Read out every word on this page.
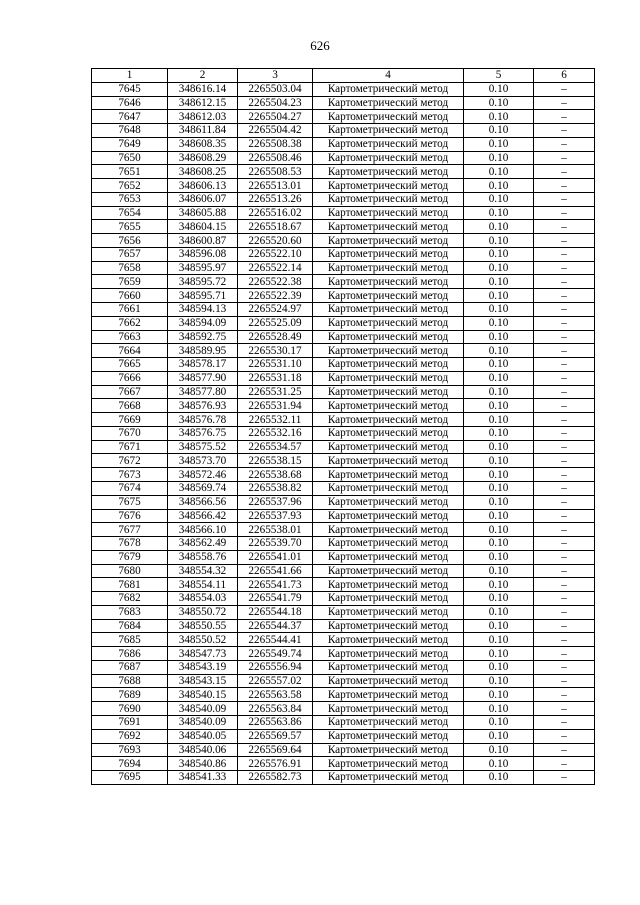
626
1	2	3	4	5	6
7645	348616.14	2265503.04	Картометрический метод	0.10	–
7646	348612.15	2265504.23	Картометрический метод	0.10	–
7647	348612.03	2265504.27	Картометрический метод	0.10	–
7648	348611.84	2265504.42	Картометрический метод	0.10	–
7649	348608.35	2265508.38	Картометрический метод	0.10	–
7650	348608.29	2265508.46	Картометрический метод	0.10	–
7651	348608.25	2265508.53	Картометрический метод	0.10	–
7652	348606.13	2265513.01	Картометрический метод	0.10	–
7653	348606.07	2265513.26	Картометрический метод	0.10	–
7654	348605.88	2265516.02	Картометрический метод	0.10	–
7655	348604.15	2265518.67	Картометрический метод	0.10	–
7656	348600.87	2265520.60	Картометрический метод	0.10	–
7657	348596.08	2265522.10	Картометрический метод	0.10	–
7658	348595.97	2265522.14	Картометрический метод	0.10	–
7659	348595.72	2265522.38	Картометрический метод	0.10	–
7660	348595.71	2265522.39	Картометрический метод	0.10	–
7661	348594.13	2265524.97	Картометрический метод	0.10	–
7662	348594.09	2265525.09	Картометрический метод	0.10	–
7663	348592.75	2265528.49	Картометрический метод	0.10	–
7664	348589.95	2265530.17	Картометрический метод	0.10	–
7665	348578.17	2265531.10	Картометрический метод	0.10	–
7666	348577.90	2265531.18	Картометрический метод	0.10	–
7667	348577.80	2265531.25	Картометрический метод	0.10	–
7668	348576.93	2265531.94	Картометрический метод	0.10	–
7669	348576.78	2265532.11	Картометрический метод	0.10	–
7670	348576.75	2265532.16	Картометрический метод	0.10	–
7671	348575.52	2265534.57	Картометрический метод	0.10	–
7672	348573.70	2265538.15	Картометрический метод	0.10	–
7673	348572.46	2265538.68	Картометрический метод	0.10	–
7674	348569.74	2265538.82	Картометрический метод	0.10	–
7675	348566.56	2265537.96	Картометрический метод	0.10	–
7676	348566.42	2265537.93	Картометрический метод	0.10	–
7677	348566.10	2265538.01	Картометрический метод	0.10	–
7678	348562.49	2265539.70	Картометрический метод	0.10	–
7679	348558.76	2265541.01	Картометрический метод	0.10	–
7680	348554.32	2265541.66	Картометрический метод	0.10	–
7681	348554.11	2265541.73	Картометрический метод	0.10	–
7682	348554.03	2265541.79	Картометрический метод	0.10	–
7683	348550.72	2265544.18	Картометрический метод	0.10	–
7684	348550.55	2265544.37	Картометрический метод	0.10	–
7685	348550.52	2265544.41	Картометрический метод	0.10	–
7686	348547.73	2265549.74	Картометрический метод	0.10	–
7687	348543.19	2265556.94	Картометрический метод	0.10	–
7688	348543.15	2265557.02	Картометрический метод	0.10	–
7689	348540.15	2265563.58	Картометрический метод	0.10	–
7690	348540.09	2265563.84	Картометрический метод	0.10	–
7691	348540.09	2265563.86	Картометрический метод	0.10	–
7692	348540.05	2265569.57	Картометрический метод	0.10	–
7693	348540.06	2265569.64	Картометрический метод	0.10	–
7694	348540.86	2265576.91	Картометрический метод	0.10	–
7695	348541.33	2265582.73	Картометрический метод	0.10	–
